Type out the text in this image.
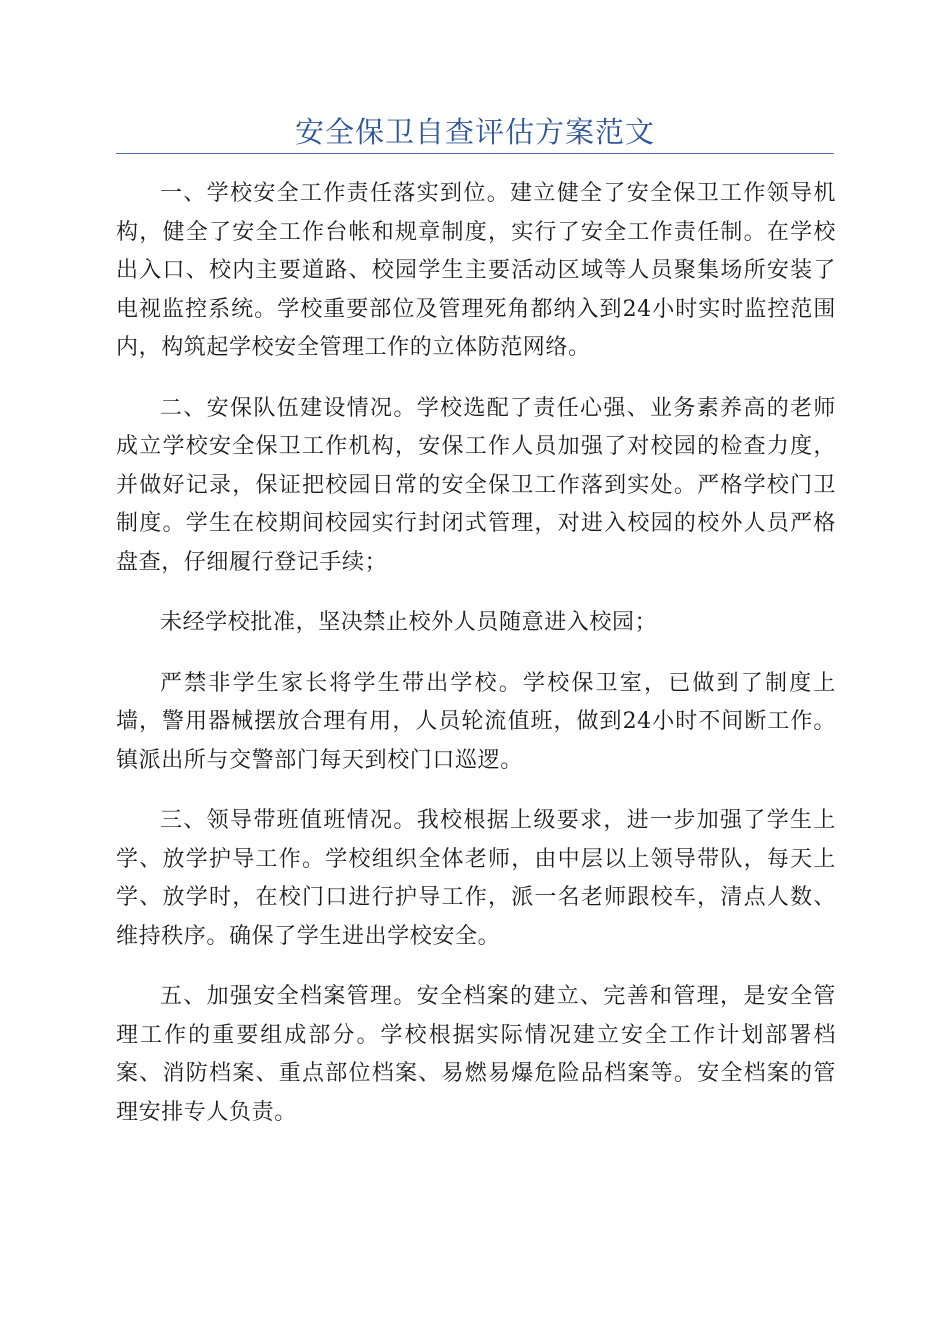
安全保卫自查评估方案范文

一、学校安全工作责任落实到位。建立健全了安全保卫工作领导机构，健全了安全工作台帐和规章制度，实行了安全工作责任制。在学校出入口、校内主要道路、校园学生主要活动区域等人员聚集场所安装了电视监控系统。学校重要部位及管理死角都纳入到24小时实时监控范围内，构筑起学校安全管理工作的立体防范网络。

二、安保队伍建设情况。学校选配了责任心强、业务素养高的老师成立学校安全保卫工作机构，安保工作人员加强了对校园的检查力度，并做好记录，保证把校园日常的安全保卫工作落到实处。严格学校门卫制度。学生在校期间校园实行封闭式管理，对进入校园的校外人员严格盘查，仔细履行登记手续；

未经学校批准，坚决禁止校外人员随意进入校园；

严禁非学生家长将学生带出学校。学校保卫室，已做到了制度上墙，警用器械摆放合理有用，人员轮流值班，做到24小时不间断工作。镇派出所与交警部门每天到校门口巡逻。

三、领导带班值班情况。我校根据上级要求，进一步加强了学生上学、放学护导工作。学校组织全体老师，由中层以上领导带队，每天上学、放学时，在校门口进行护导工作，派一名老师跟校车，清点人数、维持秩序。确保了学生进出学校安全。

五、加强安全档案管理。安全档案的建立、完善和管理，是安全管理工作的重要组成部分。学校根据实际情况建立安全工作计划部署档案、消防档案、重点部位档案、易燃易爆危险品档案等。安全档案的管理安排专人负责。
